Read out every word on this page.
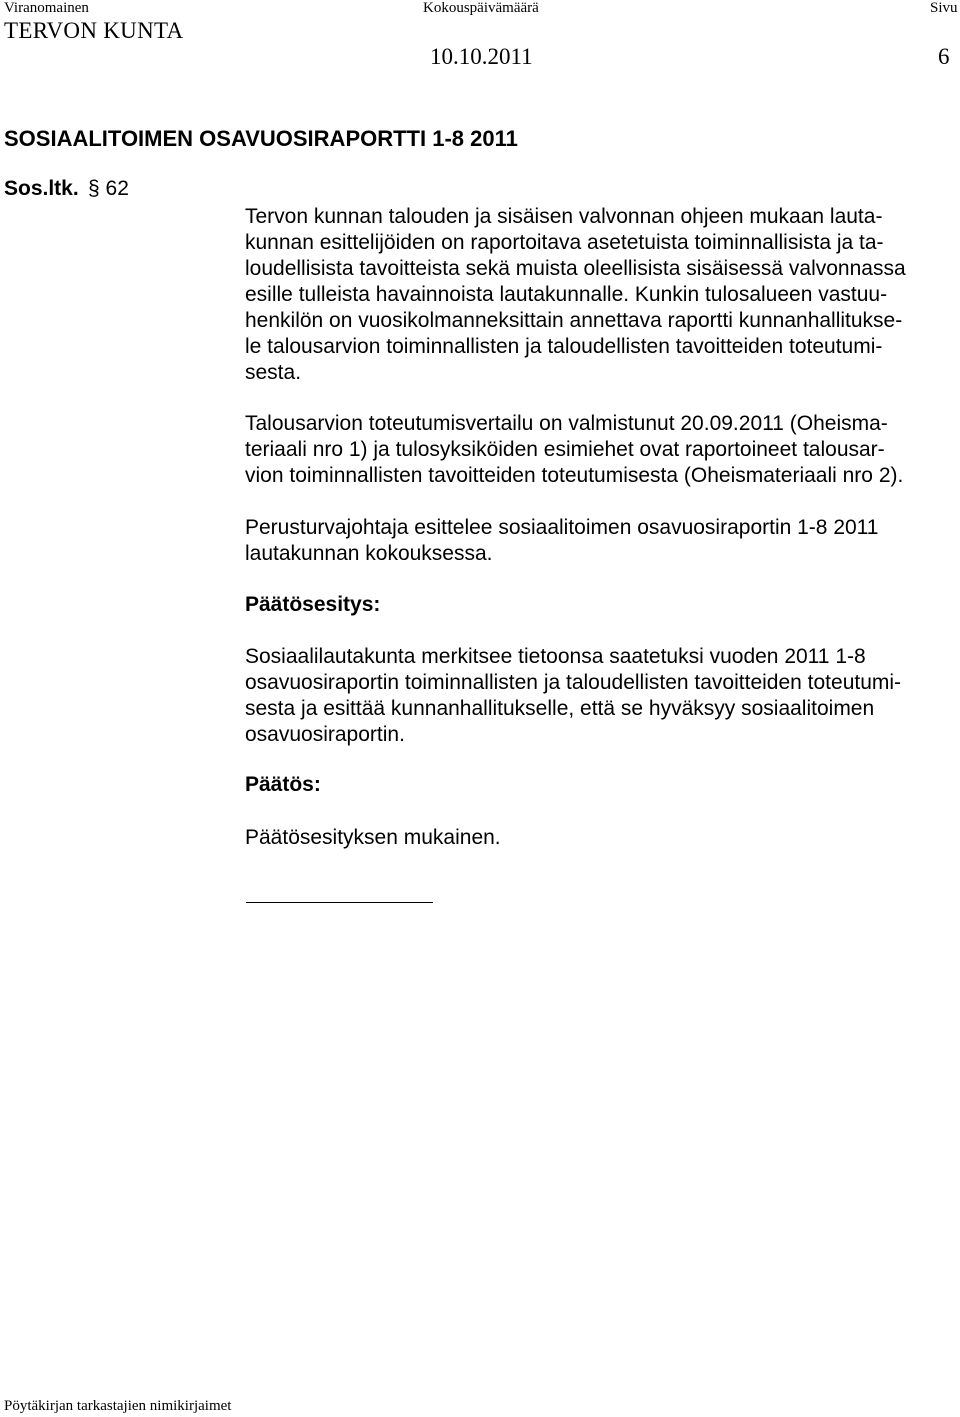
Viranomainen	Kokouspäivämäärä	Sivu
TERVON KUNTA
10.10.2011	6
SOSIAALITOIMEN OSAVUOSIRAPORTTI 1-8 2011
Sos.ltk. § 62
Tervon kunnan talouden ja sisäisen valvonnan ohjeen mukaan lauta-
kunnan esittelijöiden on raportoitava asetetuista toiminnallisista ja ta-
loudellisista tavoitteista sekä muista oleellisista sisäisessä valvonnassa
esille tulleista havainnoista lautakunnalle. Kunkin tulosalueen vastuu-
henkilön on vuosikolmanneksittain annettava raportti kunnanhallitukse-
le talousarvion toiminnallisten ja taloudellisten tavoitteiden toteutumi-
sesta.
Talousarvion toteutumisvertailu on valmistunut 20.09.2011 (Oheisma-
teriaali nro 1) ja tulosyksiköiden esimiehet ovat raportoineet talousar-
vion toiminnallisten tavoitteiden toteutumisesta (Oheismateriaali nro 2).
Perusturvajohtaja esittelee sosiaalitoimen osavuosiraportin 1-8 2011
lautakunnan kokouksessa.
Päätösesitys:
Sosiaalilautakunta merkitsee tietoonsa saatetuksi vuoden 2011 1-8
osavuosiraportin toiminnallisten ja taloudellisten tavoitteiden toteutumi-
sesta ja esittää kunnanhallitukselle, että se hyväksyy sosiaalitoimen
osavuosiraportin.
Päätös:
Päätösesityksen mukainen.
Pöytäkirjan tarkastajien nimikirjaimet
